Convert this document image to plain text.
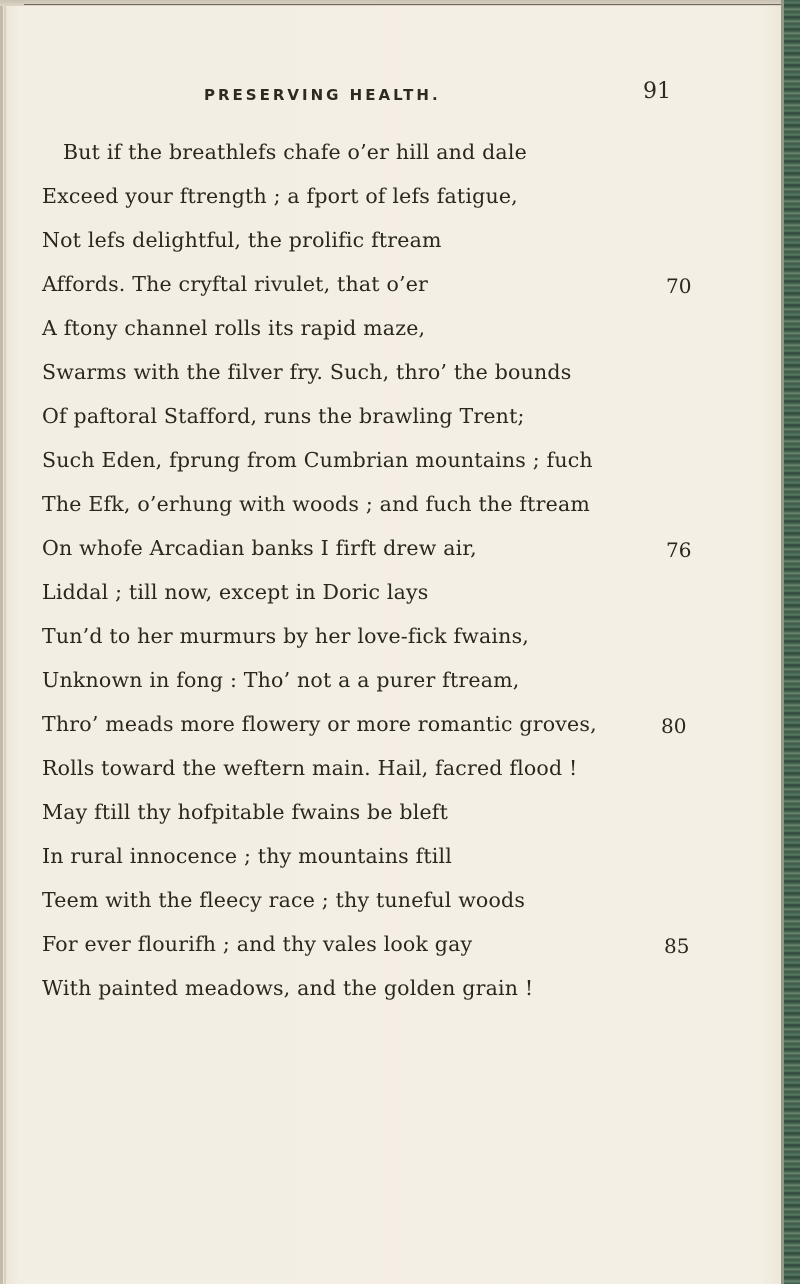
PRESERVING HEALTH.	91
But if the breathlefs chafe o’er hill and dale
Exceed your ftrength ; a fport of lefs fatigue,
Not lefs delightful, the prolific ftream
Affords. The cryftal rivulet, that o’er	70
A ftony channel rolls its rapid maze,
Swarms with the filver fry. Such, thro’ the bounds
Of paftoral Stafford, runs the brawling Trent;
Such Eden, fprung from Cumbrian mountains ; fuch
The Efk, o’erhung with woods ; and fuch the ftream
On whofe Arcadian banks I firft drew air,	76
Liddal ; till now, except in Doric lays
Tun’d to her murmurs by her love-fick fwains,
Unknown in fong : Tho’ not a a purer ftream,
Thro’ meads more flowery or more romantic groves,	80
Rolls toward the weftern main. Hail, facred flood !
May ftill thy hofpitable fwains be bleft
In rural innocence ; thy mountains ftill
Teem with the fleecy race ; thy tuneful woods
For ever flourifh ; and thy vales look gay	85
With painted meadows, and the golden grain !
